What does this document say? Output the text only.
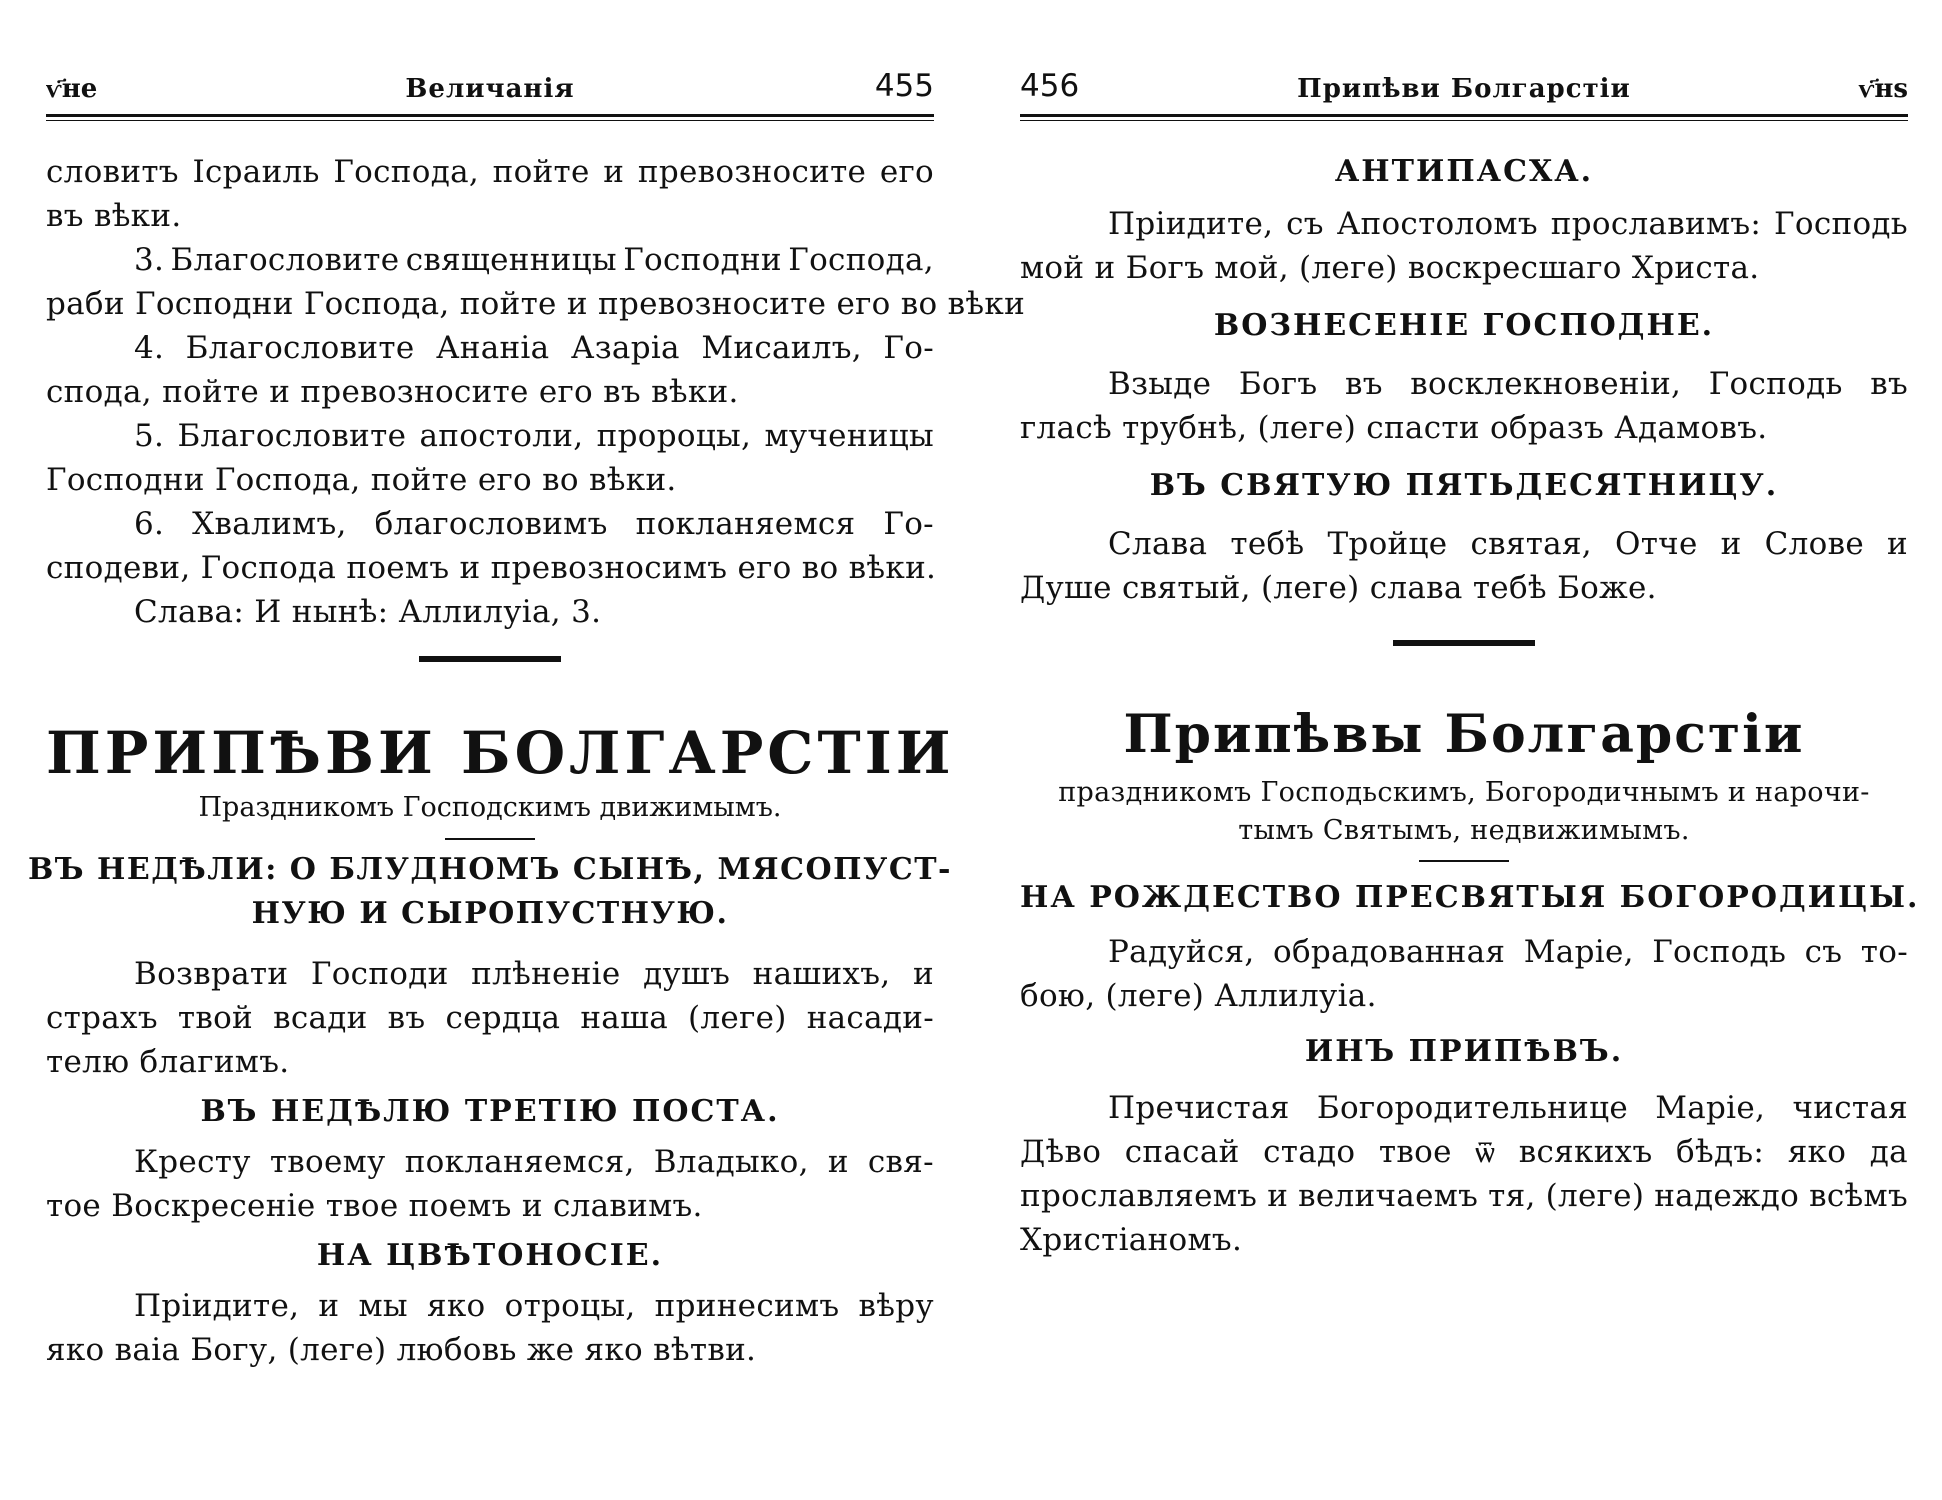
ѵ҃не	Величанія	455
словитъ Ісраиль Господа, пойте и превозносите его
въ
вѣки.
3. Благословите священницы Господни Господа,
раби
Господни
Господа,
пойте
и
превозносите
его
во
вѣки
4. Благословите Ананіа Азаріа Мисаилъ, Го-
спода,
пойте
и
превозносите
его
въ
вѣки.
5. Благословите апостоли, пророцы, мученицы
Господни
Господа,
пойте
его
во
вѣки.
6. Хвалимъ, благословимъ покланяемся Го-
сподеви,
Господа
поемъ
и
превозносимъ
его
во
вѣки.
Слава:
И
нынѣ:
Аллилуіа,
3.
ПРИПѢВИ БОЛГАРСТІИ
Праздникомъ Господскимъ движимымъ.
ВЪ
НЕДѢЛИ:
О
БЛУДНОМЪ
СЫНѢ,
МЯСОПУСТ-
НУЮ
И
СЫРОПУСТНУЮ.
Возврати Господи плѣненіе душъ нашихъ, и
страхъ твой всади въ сердца наша (леге) насади-
телю
благимъ.
ВЪ НЕДѢЛЮ ТРЕТІЮ ПОСТА.
Кресту твоему покланяемся, Владыко, и свя-
тое
Воскресеніе
твое
поемъ
и
славимъ.
НА ЦВѢТОНОСІЕ.
Пріидите, и мы яко отроцы, принесимъ вѣру
яко
ваіа
Богу,
(леге)
любовь
же
яко
вѣтви.
456	Припѣви Болгарстіи	ѵ҃нѕ
АНТИПАСХА.
Пріидите, съ Апостоломъ прославимъ: Господь
мой
и
Богъ
мой,
(леге)
воскресшаго
Христа.
ВОЗНЕСЕНІЕ ГОСПОДНЕ.
Взыде Богъ въ восклекновеніи, Господь въ
гласѣ
трубнѣ,
(леге)
спасти
образъ
Адамовъ.
ВЪ СВЯТУЮ ПЯТЬДЕСЯТНИЦУ.
Слава тебѣ Тройце святая, Отче и Слове и
Душе
святый,
(леге)
слава
тебѣ
Боже.
Припѣвы Болгарстіи
праздникомъ
Господьскимъ,
Богородичнымъ
и
нарочи-
тымъ
Святымъ,
недвижимымъ.
НА РОЖДЕСТВО ПРЕСВЯТЫЯ БОГОРОДИЦЫ.
Радуйся, обрадованная Маріе, Господь съ то-
бою,
(леге)
Аллилуіа.
ИНЪ ПРИПѢВЪ.
Пречистая Богородительнице Маріе, чистая
Дѣво спасай стадо твое ѿ всякихъ бѣдъ: яко да
прославляемъ и величаемъ тя, (леге) надеждо всѣмъ
Христіаномъ.
